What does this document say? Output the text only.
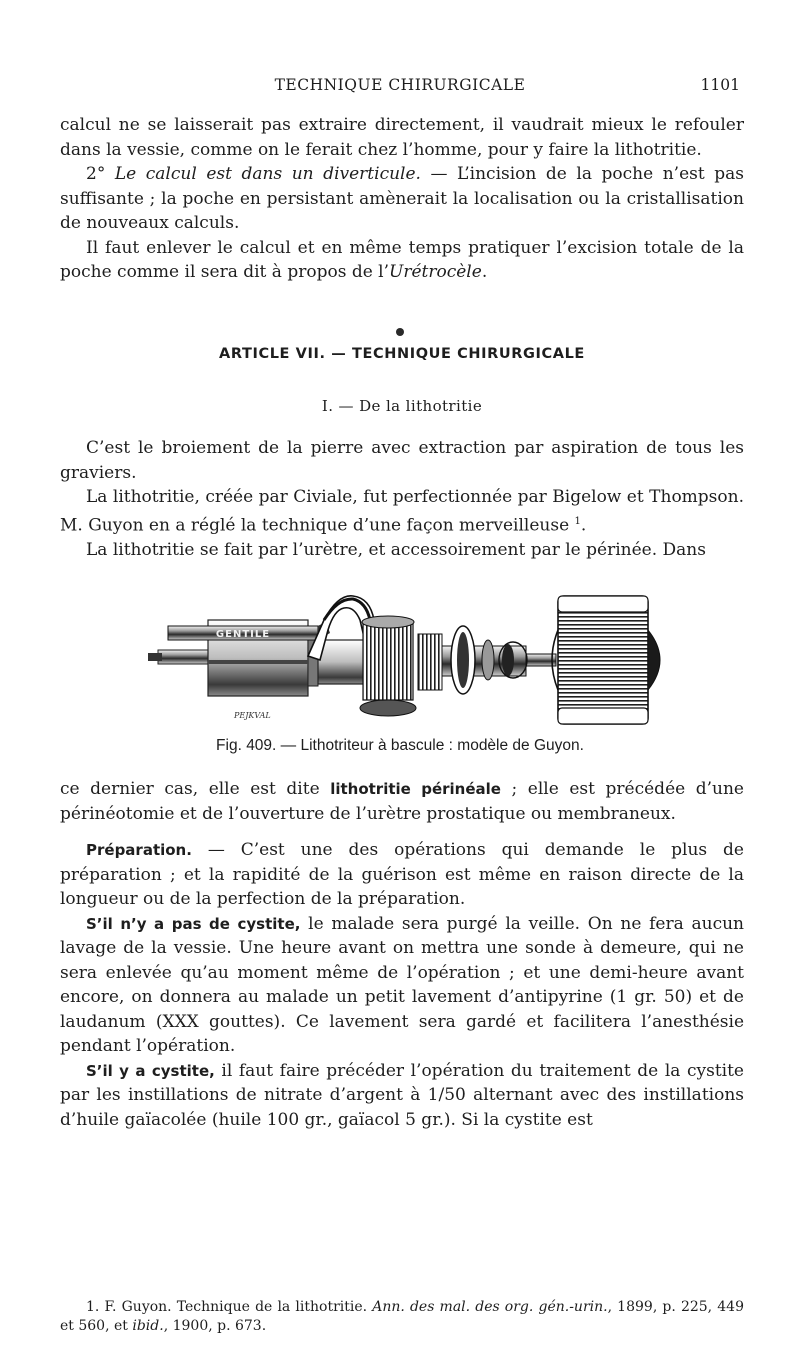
TECHNIQUE CHIRURGICALE	1101

calcul ne se laisserait pas extraire directement, il vaudrait mieux le refouler dans la vessie, comme on le ferait chez l’homme, pour y faire la lithotritie.

2° Le calcul est dans un diverticule. — L’incision de la poche n’est pas suffisante ; la poche en persistant amènerait la localisation ou la cristallisation de nouveaux calculs.

Il faut enlever le calcul et en même temps pratiquer l’excision totale de la poche comme il sera dit à propos de l’Urétrocèle.

ARTICLE VII. — TECHNIQUE CHIRURGICALE
I. — De la lithotritie

C’est le broiement de la pierre avec extraction par aspiration de tous les graviers.

La lithotritie, créée par Civiale, fut perfectionnée par Bigelow et Thompson. M. Guyon en a réglé la technique d’une façon merveilleuse $^1$.

La lithotritie se fait par l’urètre, et accessoirement par le périnée. Dans

GENTILE
PEJKVAL
Fig. 409. — Lithotriteur à bascule : modèle de Guyon.

ce dernier cas, elle est dite lithotritie périnéale ; elle est précédée d’une périnéotomie et de l’ouverture de l’urètre prostatique ou membraneux.

Préparation. — C’est une des opérations qui demande le plus de préparation ; et la rapidité de la guérison est même en raison directe de la longueur ou de la perfection de la préparation.

S’il n’y a pas de cystite, le malade sera purgé la veille. On ne fera aucun lavage de la vessie. Une heure avant on mettra une sonde à demeure, qui ne sera enlevée qu’au moment même de l’opération ; et une demi-heure avant encore, on donnera au malade un petit lavement d’antipyrine (1 gr. 50) et de laudanum (XXX gouttes). Ce lavement sera gardé et facilitera l’anesthésie pendant l’opération.

S’il y a cystite, il faut faire précéder l’opération du traitement de la cystite par les instillations de nitrate d’argent à 1/50 alternant avec des instillations d’huile gaïacolée (huile 100 gr., gaïacol 5 gr.). Si la cystite est

1. F. Guyon. Technique de la lithotritie. Ann. des mal. des org. gén.-urin., 1899, p. 225, 449 et 560, et ibid., 1900, p. 673.
